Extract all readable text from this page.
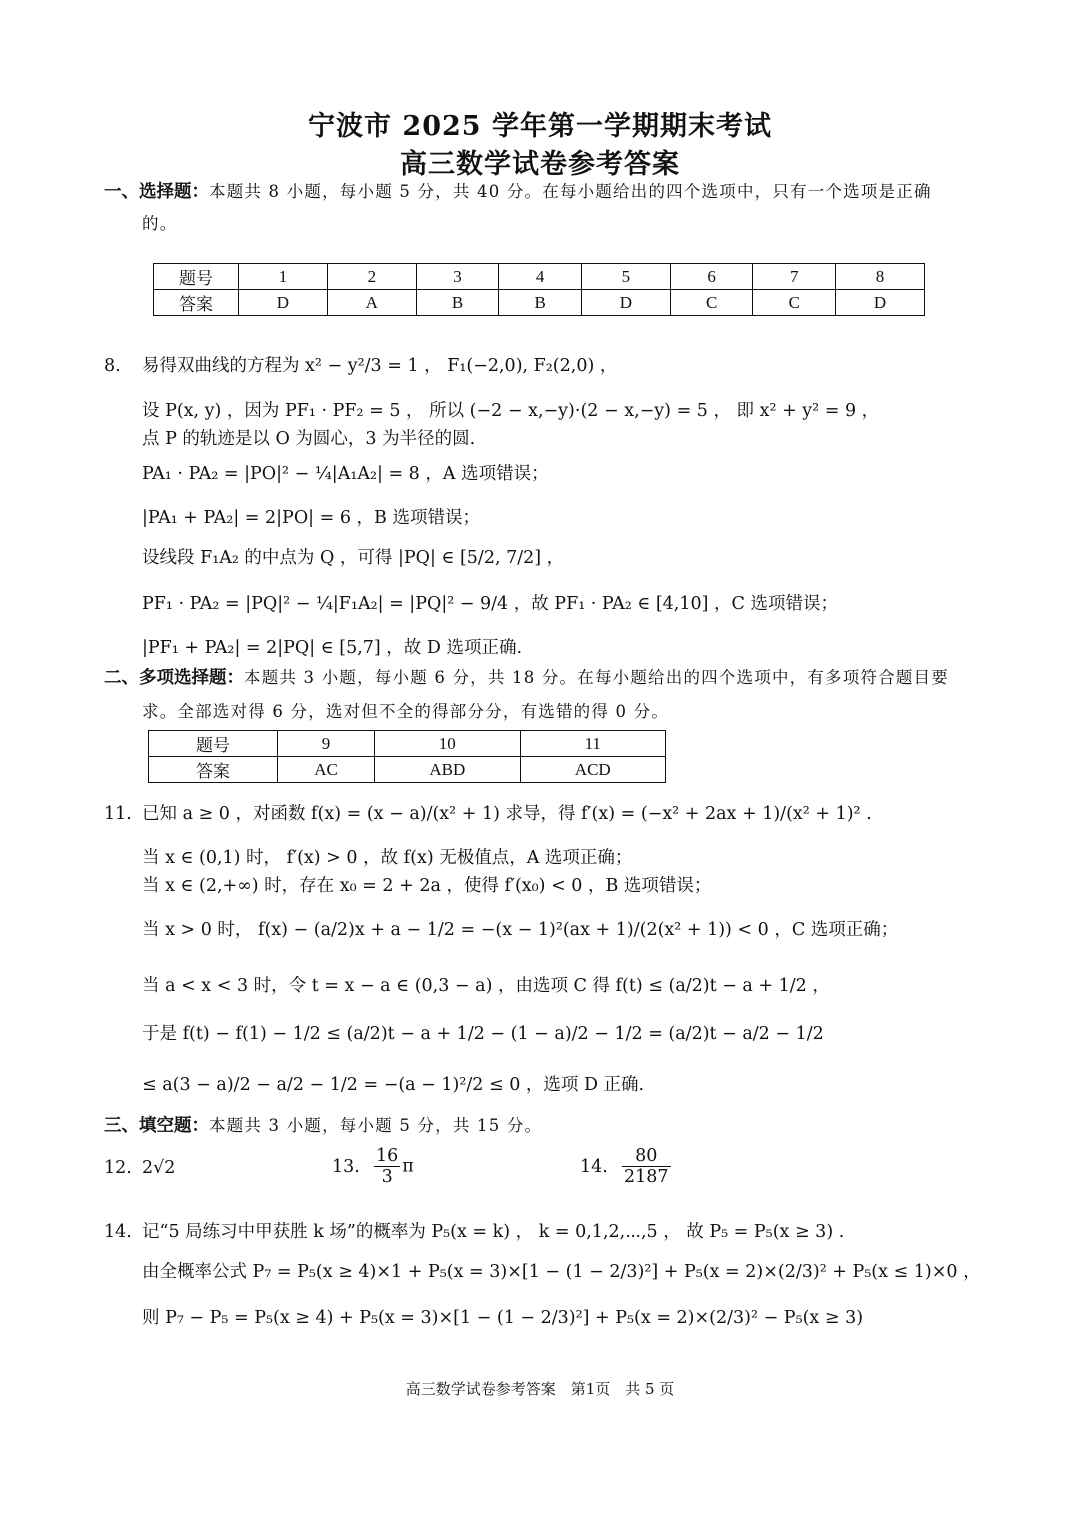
宁波市 2025 学年第一学期期末考试
高三数学试卷参考答案
一、选择题：本题共 8 小题，每小题 5 分，共 40 分。在每小题给出的四个选项中，只有一个选项是正确
的。
题号	1	2	3	4	5	6	7	8
答案	D	A	B	B	D	C	C	D
8. 易得双曲线的方程为 x² − y²/3 = 1 ， F₁(−2,0), F₂(2,0) ，
设 P(x, y) ，因为 PF₁ · PF₂ = 5 ， 所以 (−2 − x,−y)·(2 − x,−y) = 5 ， 即 x² + y² = 9 ，
点 P 的轨迹是以 O 为圆心，3 为半径的圆.
PA₁ · PA₂ = |PO|² − ¼|A₁A₂| = 8 ，A 选项错误；
|PA₁ + PA₂| = 2|PO| = 6 ，B 选项错误；
设线段 F₁A₂ 的中点为 Q ，可得 |PQ| ∈ [5/2, 7/2] ，
PF₁ · PA₂ = |PQ|² − ¼|F₁A₂| = |PQ|² − 9/4 ，故 PF₁ · PA₂ ∈ [4,10] ，C 选项错误；
|PF₁ + PA₂| = 2|PQ| ∈ [5,7] ，故 D 选项正确.
二、多项选择题：本题共 3 小题，每小题 6 分，共 18 分。在每小题给出的四个选项中，有多项符合题目要
求。全部选对得 6 分，选对但不全的得部分分，有选错的得 0 分。
题号	9	10	11
答案	AC	ABD	ACD
11. 已知 a ≥ 0 ，对函数 f(x) = (x − a)/(x² + 1) 求导，得 f′(x) = (−x² + 2ax + 1)/(x² + 1)² .
当 x ∈ (0,1) 时， f′(x) > 0 ，故 f(x) 无极值点，A 选项正确；
当 x ∈ (2,+∞) 时，存在 x₀ = 2 + 2a ，使得 f′(x₀) < 0 ，B 选项错误；
当 x > 0 时， f(x) − (a/2)x + a − 1/2 = −(x − 1)²(ax + 1)/(2(x² + 1)) < 0 ，C 选项正确；
当 a < x < 3 时，令 t = x − a ∈ (0,3 − a) ，由选项 C 得 f(t) ≤ (a/2)t − a + 1/2 ，
于是 f(t) − f(1) − 1/2 ≤ (a/2)t − a + 1/2 − (1 − a)/2 − 1/2 = (a/2)t − a/2 − 1/2
≤ a(3 − a)/2 − a/2 − 1/2 = −(a − 1)²/2 ≤ 0 ，选项 D 正确.
三、填空题：本题共 3 小题，每小题 5 分，共 15 分。
12. 2√2	13. $\frac{16}{3}$ π	14. $\frac{80}{2187}$
14. 记“5 局练习中甲获胜 k 场”的概率为 P₅(x = k) ， k = 0,1,2,⋯,5 ， 故 P₅ = P₅(x ≥ 3) .
由全概率公式 P₇ = P₅(x ≥ 4)×1 + P₅(x = 3)×[1 − (1 − 2/3)²] + P₅(x = 2)×(2/3)² + P₅(x ≤ 1)×0 ，
则 P₇ − P₅ = P₅(x ≥ 4) + P₅(x = 3)×[1 − (1 − 2/3)²] + P₅(x = 2)×(2/3)² − P₅(x ≥ 3)
高三数学试卷参考答案　第1页　共 5 页
